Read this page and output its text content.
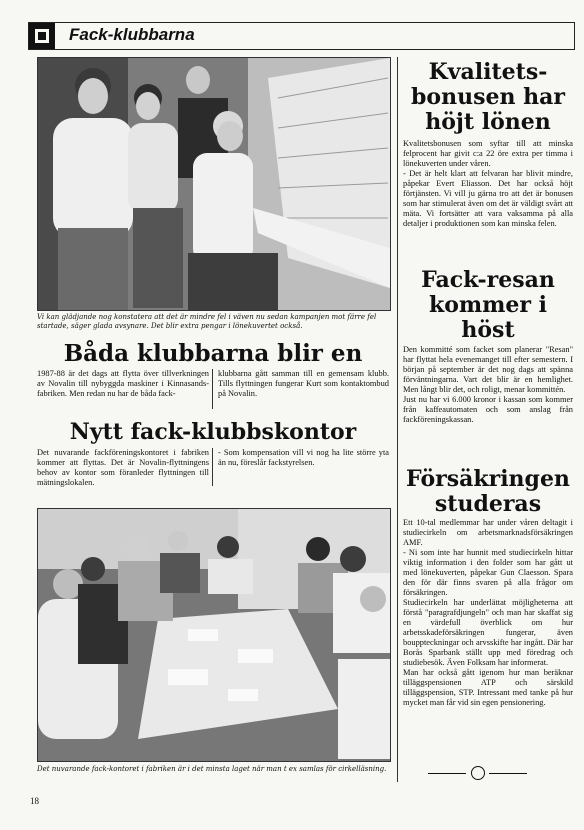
Fack-klubbarna
Vi kan glädjande nog konstatera att det är mindre fel i väven nu sedan kampanjen mot färre fel startade, säger glada avsynare. Det blir extra pengar i lönekuvertet också.
Båda klubbarna blir en
1987-88 är det dags att flytta över tillverkningen av Novalin till nybyggda maskiner i Kinnasands-fabriken. Men redan nu har de båda fack-
klubbarna gått samman till en gemensam klubb. Tills flyttningen fungerar Kurt som kontaktombud på Novalin.
Nytt fack-klubbskontor
Det nuvarande fackföreningskontoret i fabriken kommer att flyttas. Det är Novalin-flyttningens behov av kontor som föranleder flyttningen till mätningslokalen.
- Som kompensation vill vi nog ha lite större yta än nu, föreslår fackstyrelsen.
Det nuvarande fack-kontoret i fabriken är i det minsta laget när man t ex samlas för cirkelläsning.
Kvalitets-bonusen har höjt lönen
Kvalitetsbonusen som syftar till att minska felprocent har givit c:a 22 öre extra per timma i lönekuverten under våren.
- Det är helt klart att felvaran har blivit mindre, påpekar Evert Eliasson. Det har också höjt förtjänsten. Vi vill ju gärna tro att det är bonusen som har stimulerat även om det är väldigt svårt att mäta. Vi fortsätter att vara vaksamma på alla detaljer i produktionen som kan minska felen.
Fack-resan kommer i höst
Den kommitté som facket som planerar "Resan" har flyttat hela evenemanget till efter semestern. I början på september är det nog dags att spänna förväntningarna. Vart det blir är en hemlighet. Men långt blir det, och roligt, menar kommittén.
Just nu har vi 6.000 kronor i kassan som kommer från kaffeautomaten och som anslag från fackföreningskassan.
Försäkringen studeras
Ett 10-tal medlemmar har under våren deltagit i studiecirkeln om arbetsmarknadsförsäkringen AMF.
- Ni som inte har hunnit med studiecirkeln hittar viktig information i den folder som har gått ut med lönekuverten, påpekar Gun Claesson. Spara den för där finns svaren på alla frågor om försäkringen.
Studiecirkeln har underlättat möjligheterna att förstå "paragrafdjungeln" och man har skaffat sig en värdefull överblick om hur arbetsskadeförsäkringen fungerar, även bouppteckningar och arvsskifte har ingått. Där har Borås Sparbank ställt upp med föredrag och studiebesök. Även Folksam har informerat.
Man har också gått igenom hur man beräknar tilläggspensionen ATP och särskild tilläggspension, STP. Intressant med tanke på hur mycket man får vid sin egen pensionering.
18
